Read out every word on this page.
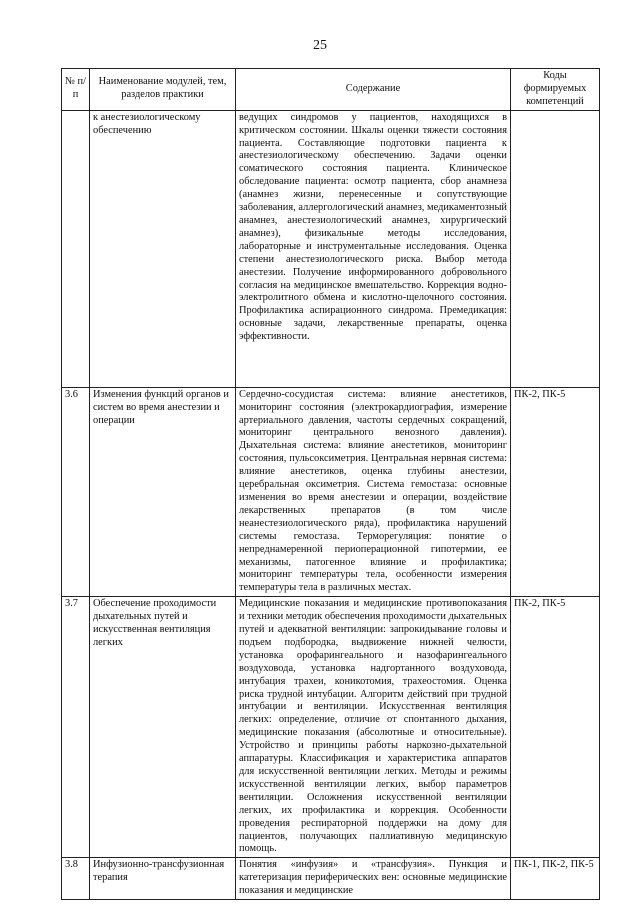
25
№ п/п	Наименование модулей, тем, разделов практики	Содержание	Коды формируемых компетенций
	к анестезиологическому обеспечению	ведущих синдромов у пациентов, находящихся в критическом состоянии. Шкалы оценки тяжести состояния пациента. Составляющие подготовки пациента к анестезиологическому обеспечению. Задачи оценки соматического состояния пациента. Клиническое обследование пациента: осмотр пациента, сбор анамнеза (анамнез жизни, перенесенные и сопутствующие заболевания, аллергологический анамнез, медикаментозный анамнез, анестезиологический анамнез, хирургический анамнез), физикальные методы исследования, лабораторные и инструментальные исследования. Оценка степени анестезиологического риска. Выбор метода анестезии. Получение информированного добровольного согласия на медицинское вмешательство. Коррекция водно-электролитного обмена и кислотно-щелочного состояния. Профилактика аспирационного синдрома. Премедикация: основные задачи, лекарственные препараты, оценка эффективности.	
3.6	Изменения функций органов и систем во время анестезии и операции	Сердечно-сосудистая система: влияние анестетиков, мониторинг состояния (электрокардиография, измерение артериального давления, частоты сердечных сокращений, мониторинг центрального венозного давления). Дыхательная система: влияние анестетиков, мониторинг состояния, пульсоксиметрия. Центральная нервная система: влияние анестетиков, оценка глубины анестезии, церебральная оксиметрия. Система гемостаза: основные изменения во время анестезии и операции, воздействие лекарственных препаратов (в том числе неанестезиологического ряда), профилактика нарушений системы гемостаза. Терморегуляция: понятие о непреднамеренной периоперационной гипотермии, ее механизмы, патогенное влияние и профилактика; мониторинг температуры тела, особенности измерения температуры тела в различных местах.	ПК-2, ПК-5
3.7	Обеспечение проходимости дыхательных путей и искусственная вентиляция легких	Медицинские показания и медицинские противопоказания и техники методик обеспечения проходимости дыхательных путей и адекватной вентиляции: запрокидывание головы и подъем подбородка, выдвижение нижней челюсти, установка орофарингеального и назофарингеального воздуховода, установка надгортанного воздуховода, интубация трахеи, коникотомия, трахеостомия. Оценка риска трудной интубации. Алгоритм действий при трудной интубации и вентиляции. Искусственная вентиляция легких: определение, отличие от спонтанного дыхания, медицинские показания (абсолютные и относительные). Устройство и принципы работы наркозно-дыхательной аппаратуры. Классификация и характеристика аппаратов для искусственной вентиляции легких. Методы и режимы искусственной вентиляции легких, выбор параметров вентиляции. Осложнения искусственной вентиляции легких, их профилактика и коррекция. Особенности проведения респираторной поддержки на дому для пациентов, получающих паллиативную медицинскую помощь.	ПК-2, ПК-5
3.8	Инфузионно-трансфузионная терапия	Понятия «инфузия» и «трансфузия». Пункция и катетеризация периферических вен: основные медицинские показания и медицинские	ПК-1, ПК-2, ПК-5
